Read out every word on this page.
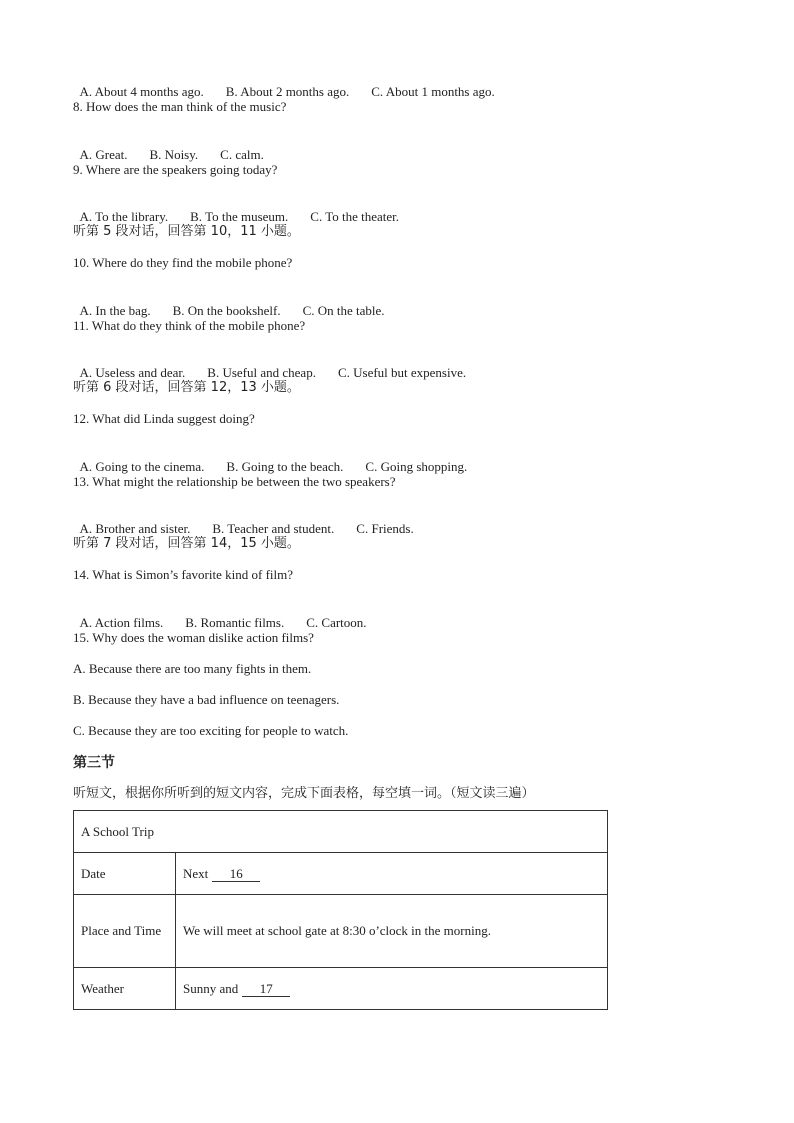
A. About 4 months ago. B. About 2 months ago. C. About 1 months ago.

8. How does the man think of the music?

A. Great. B. Noisy. C. calm.

9. Where are the speakers going today?

A. To the library. B. To the museum. C. To the theater.

听第 5 段对话，回答第 10，11 小题。
10. Where do they find the mobile phone?

A. In the bag. B. On the bookshelf. C. On the table.

11. What do they think of the mobile phone?

A. Useless and dear. B. Useful and cheap. C. Useful but expensive.

听第 6 段对话，回答第 12，13 小题。
12. What did Linda suggest doing?

A. Going to the cinema. B. Going to the beach. C. Going shopping.

13. What might the relationship be between the two speakers?

A. Brother and sister. B. Teacher and student. C. Friends.

听第 7 段对话，回答第 14，15 小题。
14. What is Simon’s favorite kind of film?

A. Action films. B. Romantic films. C. Cartoon.

15. Why does the woman dislike action films?
A. Because there are too many fights in them.
B. Because they have a bad influence on teenagers.
C. Because they are too exciting for people to watch.
第三节
听短文，根据你所听到的短文内容，完成下面表格，每空填一词。（短文读三遍）
A School Trip	
Date	Next 16
Place and Time	We will meet at school gate at 8:30 o’clock in the morning.
Weather	Sunny and 17
